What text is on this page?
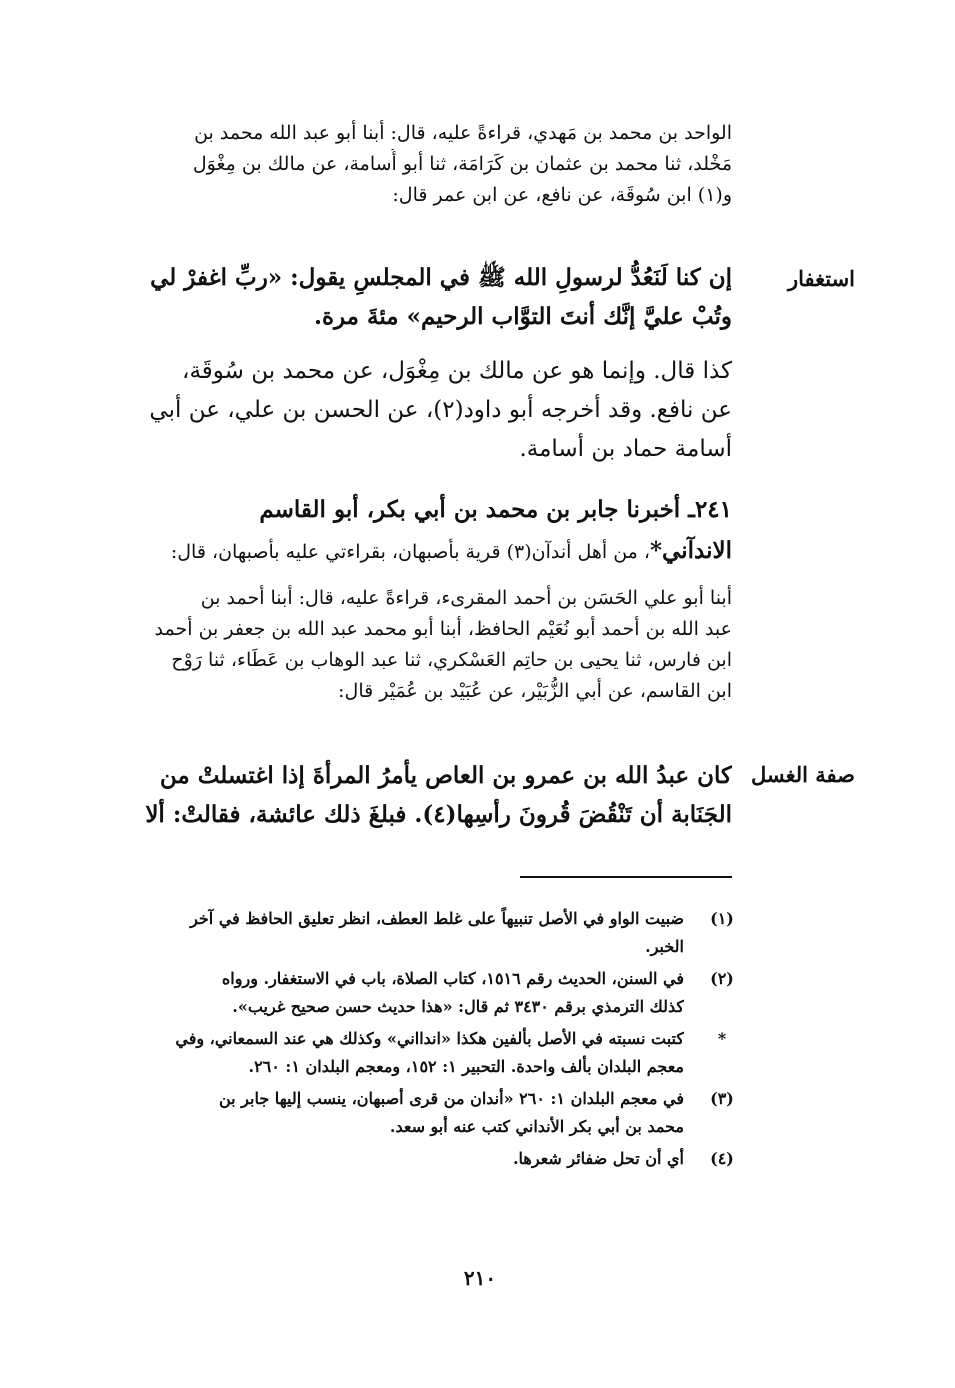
الواحد بن محمد بن مَهدي، قراءةً عليه، قال: أبنا أبو عبد الله محمد بن
مَخْلد، ثنا محمد بن عثمان بن كَرَامَة، ثنا أبو أُسامة، عن مالك بن مِغْوَل
و(١) ابن سُوقَة، عن نافع، عن ابن عمر قال:
إن كنا لَنَعُدُّ لرسولِ الله ﷺ في المجلسِ يقول: «ربِّ اغفرْ لي
وتُبْ عليَّ إنَّك أنتَ التوَّاب الرحيم» مئةَ مرة.
استغفار
كذا قال. وإنما هو عن مالك بن مِغْوَل، عن محمد بن سُوقَة،
عن نافع. وقد أخرجه أبو داود(٢)، عن الحسن بن علي، عن أبي
أسامة حماد بن أسامة.
٢٤١ـ أخبرنا جابر بن محمد بن أبي بكر، أبو القاسم
الاندآني*، من أهل أندآن(٣) قرية بأصبهان، بقراءتي عليه بأصبهان، قال:
أبنا أبو علي الحَسَن بن أحمد المقرىء، قراءةً عليه، قال: أبنا أحمد بن
عبد الله بن أحمد أبو نُعَيْم الحافظ، أبنا أبو محمد عبد الله بن جعفر بن أحمد
ابن فارس، ثنا يحيى بن حاتِم العَسْكري، ثنا عبد الوهاب بن عَطَاء، ثنا رَوْح
ابن القاسم، عن أبي الزُّبَيْر، عن عُبَيْد بن عُمَيْر قال:
كان عبدُ الله بن عمرو بن العاص يأمرُ المرأةَ إذا اغتسلتْ من
الجَنَابة أن تَنْقُضَ قُرونَ رأسِها(٤). فبلغَ ذلك عائشة، فقالتْ: ألا
صفة الغسل
(١)
ضبيت الواو في الأصل تنبيهاً على غلط العطف، انظر تعليق الحافظ في آخر
الخبر.
(٢)
في السنن، الحديث رقم ١٥١٦، كتاب الصلاة، باب في الاستغفار. ورواه
كذلك الترمذي برقم ٣٤٣٠ ثم قال: «هذا حديث حسن صحيح غريب».
*
كتبت نسبته في الأصل بألفين هكذا «اندااني» وكذلك هي عند السمعاني، وفي
معجم البلدان بألف واحدة. التحبير ١: ١٥٢، ومعجم البلدان ١: ٢٦٠.
(٣)
في معجم البلدان ١: ٢٦٠ «أندان من قرى أصبهان، ينسب إليها جابر بن
محمد بن أبي بكر الأنداني كتب عنه أبو سعد.
(٤)
أي أن تحل ضفائر شعرها.
٢١٠
